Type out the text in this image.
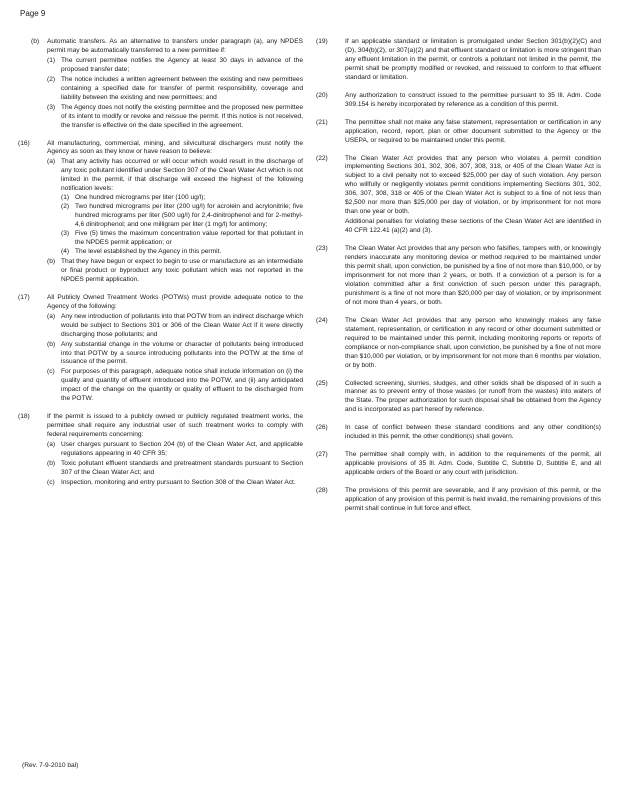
Page 9
(b)	Automatic transfers. As an alternative to transfers under paragraph (a), any NPDES permit may be automatically transferred to a new permittee if:
(1) The current permittee notifies the Agency at least 30 days in advance of the proposed transfer date;
(2) The notice includes a written agreement between the existing and new permittees containing a specified date for transfer of permit responsibility, coverage and liability between the existing and new permittees; and
(3) The Agency does not notify the existing permittee and the proposed new permittee of its intent to modify or revoke and reissue the permit. If this notice is not received, the transfer is effective on the date specified in the agreement.
(16)	All manufacturing, commercial, mining, and silvicultural dischargers must notify the Agency as soon as they know or have reason to believe:
(a) That any activity has occurred or will occur which would result in the discharge of any toxic pollutant identified under Section 307 of the Clean Water Act which is not limited in the permit, if that discharge will exceed the highest of the following notification levels:
(1) One hundred micrograms per liter (100 ug/l);
(2) Two hundred micrograms per liter (200 ug/l) for acrolein and acrylonitrile; five hundred micrograms per liter (500 ug/l) for 2,4-dinitrophenol and for 2-methyl-4,6 dinitrophenol; and one milligram per liter (1 mg/l) for antimony;
(3) Five (5) times the maximum concentration value reported for that pollutant in the NPDES permit application; or
(4) The level established by the Agency in this permit.
(b) That they have begun or expect to begin to use or manufacture as an intermediate or final product or byproduct any toxic pollutant which was not reported in the NPDES permit application.
(17)	All Publicly Owned Treatment Works (POTWs) must provide adequate notice to the Agency of the following:
(a) Any new introduction of pollutants into that POTW from an indirect discharge which would be subject to Sections 301 or 306 of the Clean Water Act if it were directly discharging those pollutants; and
(b) Any substantial change in the volume or character of pollutants being introduced into that POTW by a source introducing pollutants into the POTW at the time of issuance of the permit.
(c) For purposes of this paragraph, adequate notice shall include information on (i) the quality and quantity of effluent introduced into the POTW, and (ii) any anticipated impact of the change on the quantity or quality of effluent to be discharged from the POTW.
(18)	If the permit is issued to a publicly owned or publicly regulated treatment works, the permittee shall require any industrial user of such treatment works to comply with federal requirements concerning:
(a) User charges pursuant to Section 204 (b) of the Clean Water Act, and applicable regulations appearing in 40 CFR 35;
(b) Toxic pollutant effluent standards and pretreatment standards pursuant to Section 307 of the Clean Water Act; and
(c) Inspection, monitoring and entry pursuant to Section 308 of the Clean Water Act.
(19)	If an applicable standard or limitation is promulgated under Section 301(b)(2)(C) and (D), 304(b)(2), or 307(a)(2) and that effluent standard or limitation is more stringent than any effluent limitation in the permit, or controls a pollutant not limited in the permit, the permit shall be promptly modified or revoked, and reissued to conform to that effluent standard or limitation.
(20)	Any authorization to construct issued to the permittee pursuant to 35 Ill. Adm. Code 309.154 is hereby incorporated by reference as a condition of this permit.
(21)	The permittee shall not make any false statement, representation or certification in any application, record, report, plan or other document submitted to the Agency or the USEPA, or required to be maintained under this permit.
(22)	The Clean Water Act provides that any person who violates a permit condition implementing Sections 301, 302, 306, 307, 308, 318, or 405 of the Clean Water Act is subject to a civil penalty not to exceed $25,000 per day of such violation. Any person who willfully or negligently violates permit conditions implementing Sections 301, 302, 306, 307, 308, 318 or 405 of the Clean Water Act is subject to a fine of not less than $2,500 nor more than $25,000 per day of violation, or by imprisonment for not more than one year or both.
Additional penalties for violating these sections of the Clean Water Act are identified in 40 CFR 122.41 (a)(2) and (3).
(23)	The Clean Water Act provides that any person who falsifies, tampers with, or knowingly renders inaccurate any monitoring device or method required to be maintained under this permit shall, upon conviction, be punished by a fine of not more than $10,000, or by imprisonment for not more than 2 years, or both. If a conviction of a person is for a violation committed after a first conviction of such person under this paragraph, punishment is a fine of not more than $20,000 per day of violation, or by imprisonment of not more than 4 years, or both.
(24)	The Clean Water Act provides that any person who knowingly makes any false statement, representation, or certification in any record or other document submitted or required to be maintained under this permit, including monitoring reports or reports of compliance or non-compliance shall, upon conviction, be punished by a fine of not more than $10,000 per violation, or by imprisonment for not more than 6 months per violation, or by both.
(25)	Collected screening, slurries, sludges, and other solids shall be disposed of in such a manner as to prevent entry of those wastes (or runoff from the wastes) into waters of the State. The proper authorization for such disposal shall be obtained from the Agency and is incorporated as part hereof by reference.
(26)	In case of conflict between these standard conditions and any other condition(s) included in this permit, the other condition(s) shall govern.
(27)	The permittee shall comply with, in addition to the requirements of the permit, all applicable provisions of 35 Ill. Adm. Code, Subtitle C, Subtitle D, Subtitle E, and all applicable orders of the Board or any court with jurisdiction.
(28)	The provisions of this permit are severable, and if any provision of this permit, or the application of any provision of this permit is held invalid, the remaining provisions of this permit shall continue in full force and effect.
(Rev. 7-9-2010 bal)
